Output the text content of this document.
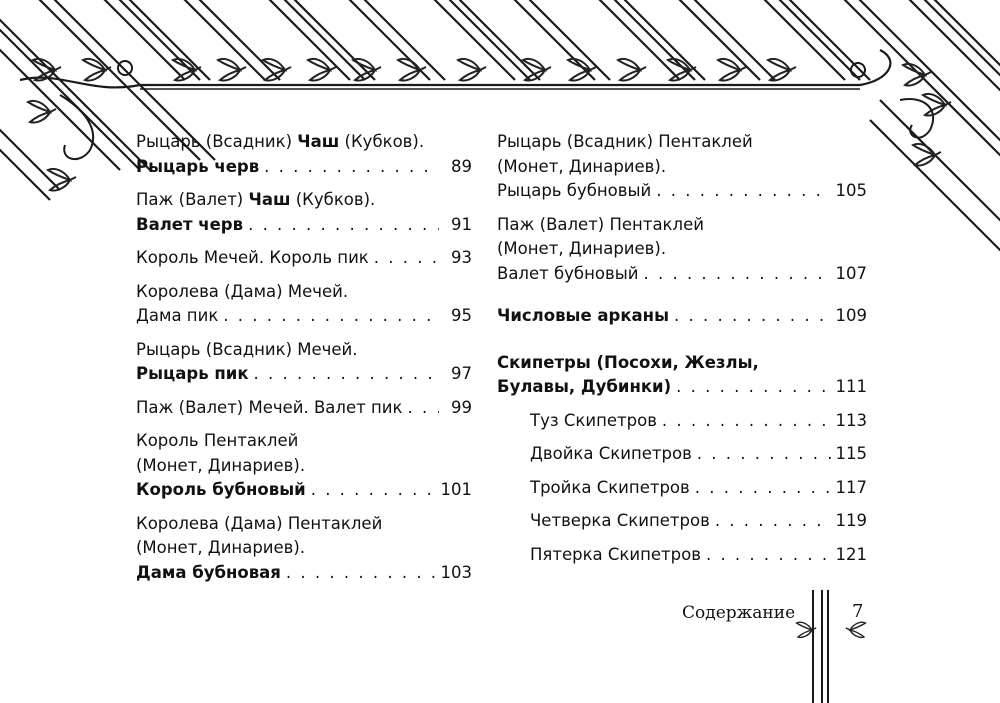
Рыцарь (Всадник) Чаш (Кубков).
Рыцарь черв . . .	89
Паж (Валет) Чаш (Кубков).
Валет черв . . .	91
Король Мечей. Король пик . . .	93
Королева (Дама) Мечей.
Дама пик . . .	95
Рыцарь (Всадник) Мечей.
Рыцарь пик . . .	97
Паж (Валет) Мечей. Валет пик . . .	99
Король Пентаклей
(Монет, Динариев).
Король бубновый . . .	101
Королева (Дама) Пентаклей
(Монет, Динариев).
Дама бубновая . . .	103
Рыцарь (Всадник) Пентаклей
(Монет, Динариев).
Рыцарь бубновый . . .	105
Паж (Валет) Пентаклей
(Монет, Динариев).
Валет бубновый . . .	107
Числовые арканы . . .	109
Скипетры (Посохи, Жезлы,
Булавы, Дубинки) . . .	111
Туз Скипетров . . .	113
Двойка Скипетров . . .	115
Тройка Скипетров . . .	117
Четверка Скипетров . . .	119
Пятерка Скипетров . . .	121
Содержание	7
